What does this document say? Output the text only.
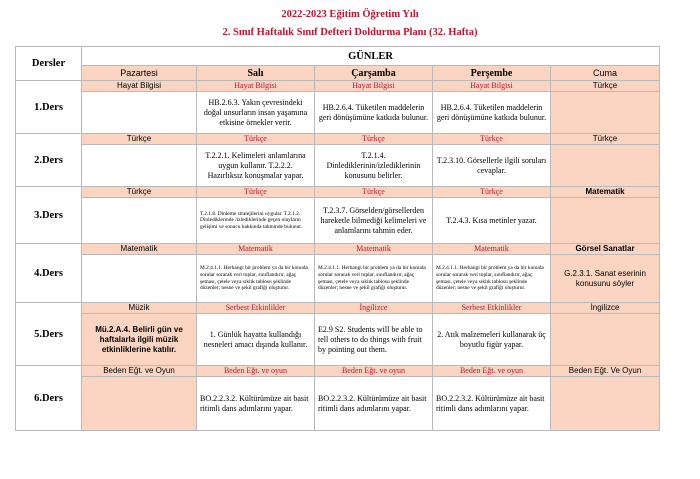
2022-2023 Eğitim Öğretim Yılı
2. Sınıf Haftalık Sınıf Defteri Doldurma Planı (32. Hafta)
Dersler	GÜNLER				
	Pazartesi	Salı	Çarşamba	Perşembe	Cuma
1.Ders	Hayat Bilgisi	Hayat Bilgisi	Hayat Bilgisi	Hayat Bilgisi	Türkçe
		HB.2.6.3. Yakın çevresindeki doğal unsurların insan yaşamına etkisine örnekler verir.	HB.2.6.4. Tüketilen maddelerin geri dönüşümüne katkıda bulunur.	HB.2.6.4. Tüketilen maddelerin geri dönüşümüne katkıda bulunur.	
2.Ders	Türkçe	Türkçe	Türkçe	Türkçe	Türkçe
		T.2.2.1. Kelimeleri anlamlarına uygun kullanır. T.2.2.2. Hazırlıksız konuşmalar yapar.	T.2.1.4. Dinlediklerinin/izlediklerinin konusunu belirler.	T.2.3.10. Görsellerle ilgili soruları cevaplar.	
3.Ders	Türkçe	Türkçe	Türkçe	Türkçe	Matematik
		T.2.1.8. Dinleme stratejilerini uygular. T.2.1.2. Dinlediklerinde /izlediklerinde geçen olayların gelişimi ve sonucu hakkında tahminde bulunur.	T.2.3.7. Görselden/görsellerden hareketle bilmediği kelimeleri ve anlamlarını tahmin eder.	T.2.4.3. Kısa metinler yazar.	
4.Ders	Matematik	Matematik	Matematik	Matematik	Görsel Sanatlar
		M.2.4.1.1. Herhangi bir problem ya da bir konuda sorular sorarak veri toplar, sınıflandırır, ağaç şeması, çetele veya sıklık tablosu şeklinde düzenler; nesne ve şekil grafiği oluşturur.	M.2.4.1.1. Herhangi bir problem ya da bir konuda sorular sorarak veri toplar, sınıflandırır, ağaç şeması, çetele veya sıklık tablosu şeklinde düzenler; nesne ve şekil grafiği oluşturur.	M.2.4.1.1. Herhangi bir problem ya da bir konuda sorular sorarak veri toplar, sınıflandırır, ağaç şeması, çetele veya sıklık tablosu şeklinde düzenler; nesne ve şekil grafiği oluşturur.	G.2.3.1. Sanat eserinin konusunu söyler
5.Ders	Müzik	Serbest Etkinlikler	İngilizce	Serbest Etkinlikler	İngilizce
	Mü.2.A.4. Belirli gün ve haftalarla ilgili müzik etkinliklerine katılır.	1. Günlük hayatta kullandığı nesneleri amacı dışında kullanır.	E2.9 S2. Students will be able to tell others to do things with fruit by pointing out them.	2. Atık malzemeleri kullanarak üç boyutlu figür yapar.	
6.Ders	Beden Eğt. ve Oyun	Beden Eğt. ve oyun	Beden Eğt. ve oyun	Beden Eğt. ve oyun	Beden Eğt. Ve Oyun
		BO.2.2.3.2. Kültürümüze ait basit ritimli dans adımlarını yapar.	BO.2.2.3.2. Kültürümüze ait basit ritimli dans adımlarını yapar.	BO.2.2.3.2. Kültürümüze ait basit ritimli dans adımlarını yapar.	
